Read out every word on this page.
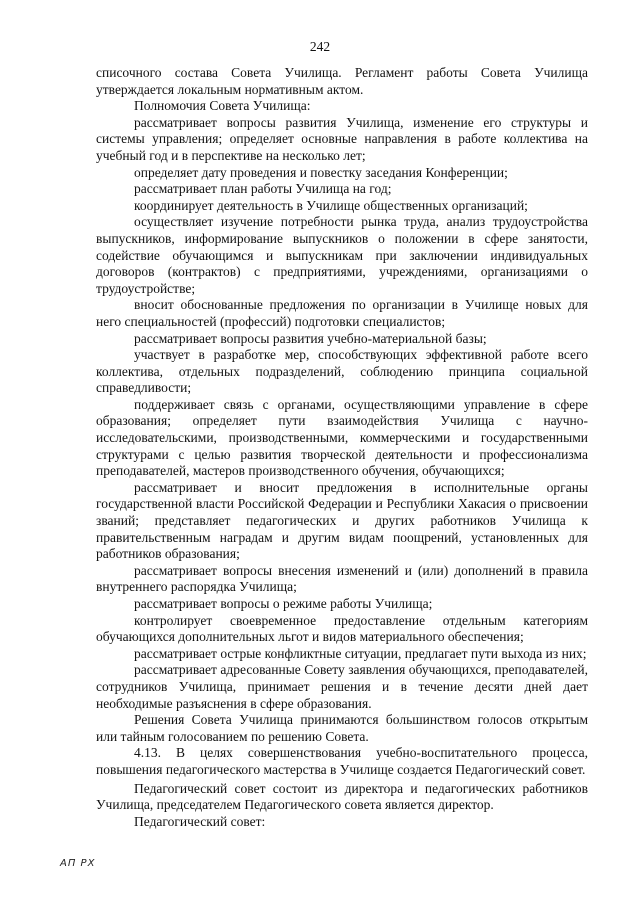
242

списочного состава Совета Училища. Регламент работы Совета Училища утверждается локальным нормативным актом.

Полномочия Совета Училища:

рассматривает вопросы развития Училища, изменение его структуры и системы управления; определяет основные направления в работе коллектива на учебный год и в перспективе на несколько лет;

определяет дату проведения и повестку заседания Конференции;

рассматривает план работы Училища на год;

координирует деятельность в Училище общественных организаций;

осуществляет изучение потребности рынка труда, анализ трудоустройства выпускников, информирование выпускников о положении в сфере занятости, содействие обучающимся и выпускникам при заключении индивидуальных договоров (контрактов) с предприятиями, учреждениями, организациями о трудоустройстве;

вносит обоснованные предложения по организации в Училище новых для него специальностей (профессий) подготовки специалистов;

рассматривает вопросы развития учебно-материальной базы;

участвует в разработке мер, способствующих эффективной работе всего коллектива, отдельных подразделений, соблюдению принципа социальной справедливости;

поддерживает связь с органами, осуществляющими управление в сфере образования; определяет пути взаимодействия Училища с научно-исследовательскими, производственными, коммерческими и государственными структурами с целью развития творческой деятельности и профессионализма преподавателей, мастеров производственного обучения, обучающихся;

рассматривает и вносит предложения в исполнительные органы государственной власти Российской Федерации и Республики Хакасия о присвоении званий; представляет педагогических и других работников Училища к правительственным наградам и другим видам поощрений, установленных для работников образования;

рассматривает вопросы внесения изменений и (или) дополнений в правила внутреннего распорядка Училища;

рассматривает вопросы о режиме работы Училища;

контролирует своевременное предоставление отдельным категориям обучающихся дополнительных льгот и видов материального обеспечения;

рассматривает острые конфликтные ситуации, предлагает пути выхода из них;

рассматривает адресованные Совету заявления обучающихся, преподавателей, сотрудников Училища, принимает решения и в течение десяти дней дает необходимые разъяснения в сфере образования.

Решения Совета Училища принимаются большинством голосов открытым или тайным голосованием по решению Совета.

4.13. В целях совершенствования учебно-воспитательного процесса, повышения педагогического мастерства в Училище создается Педагогический совет.

Педагогический совет состоит из директора и педагогических работников Училища, председателем Педагогического совета является директор.

Педагогический совет:

АП РХ
